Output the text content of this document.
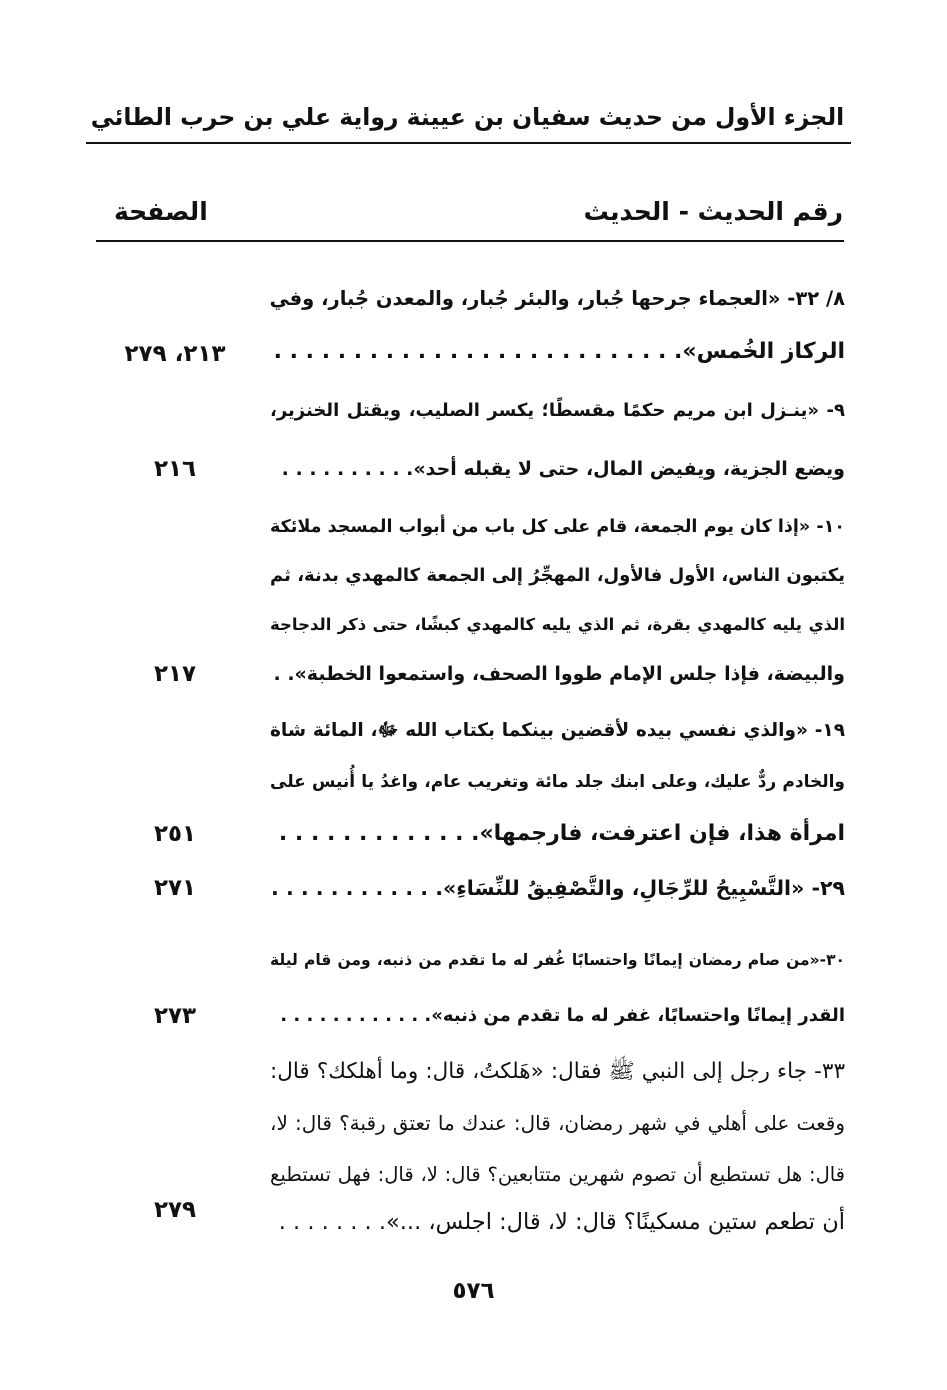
الجزء الأول من حديث سفيان بن عيينة رواية علي بن حرب الطائي
رقم الحديث - الحديث
الصفحة
٨/ ٣٢- «العجماء جرحها جُبار، والبئر جُبار، والمعدن جُبار، وفي
الركاز الخُمس». . . . . . . . . . . . . . . . . . . . . . . . . .
٢١٣، ٢٧٩
٩- «ينـزل ابن مريم حكمًا مقسطًا؛ يكسر الصليب، ويقتل الخنزير،
ويضع الجزية، ويفيض المال، حتى لا يقبله أحد». . . . . . . . . .
٢١٦
١٠- «إذا كان يوم الجمعة، قام على كل باب من أبواب المسجد ملائكة
يكتبون الناس، الأول فالأول، المهجِّرُ إلى الجمعة كالمهدي بدنة، ثم
الذي يليه كالمهدي بقرة، ثم الذي يليه كالمهدي كبشًا، حتى ذكر الدجاجة
والبيضة، فإذا جلس الإمام طووا الصحف، واستمعوا الخطبة». .
٢١٧
١٩- «والذي نفسي بيده لأقضين بينكما بكتاب الله ﷻ، المائة شاة
والخادم ردٌّ عليك، وعلى ابنك جلد مائة وتغريب عام، واغدُ يا أُنيس على
امرأة هذا، فإن اعترفت، فارجمها». . . . . . . . . . . . .
٢٥١
٢٩- «التَّسْبِيحُ للرِّجَالِ، والتَّصْفِيقُ للنِّسَاءِ». . . . . . . . . . . .
٢٧١
٣٠-«من صام رمضان إيمانًا واحتسابًا غُفر له ما تقدم من ذنبه، ومن قام ليلة
القدر إيمانًا واحتسابًا، غفر له ما تقدم من ذنبه». . . . . . . . . . . .
٢٧٣
٣٣- جاء رجل إلى النبي ﷺ فقال: «هَلكتُ، قال: وما أهلكك؟ قال:
وقعت على أهلي في شهر رمضان، قال: عندك ما تعتق رقبة؟ قال: لا،
قال: هل تستطيع أن تصوم شهرين متتابعين؟ قال: لا، قال: فهل تستطيع
أن تطعم ستين مسكينًا؟ قال: لا، قال: اجلس، ...». . . . . . . .
٢٧٩
٥٧٦
